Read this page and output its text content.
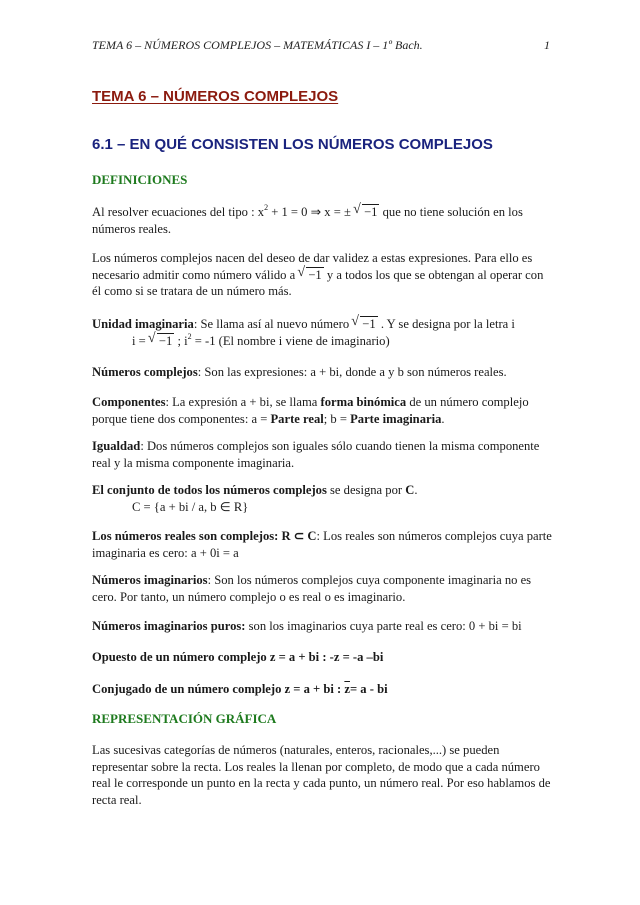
TEMA 6 – NÚMEROS COMPLEJOS – MATEMÁTICAS I – 1º Bach.	1
TEMA 6 – NÚMEROS COMPLEJOS
6.1 – EN QUÉ CONSISTEN LOS NÚMEROS COMPLEJOS
DEFINICIONES
Al resolver ecuaciones del tipo : $x^2 + 1 = 0$ ⇒ x = ± √ −1 que no tiene solución en los números reales.
Los números complejos nacen del deseo de dar validez a estas expresiones. Para ello es necesario admitir como número válido a √ −1 y a todos los que se obtengan al operar con él como si se tratara de un número más.
Unidad imaginaria: Se llama así al nuevo número √ −1 . Y se designa por la letra i
i = √ −1 ; $i^2 = -1$ (El nombre i viene de imaginario)
Números complejos: Son las expresiones: a + bi, donde a y b son números reales.
Componentes: La expresión a + bi, se llama forma binómica de un número complejo porque tiene dos componentes: a = Parte real; b = Parte imaginaria.
Igualdad: Dos números complejos son iguales sólo cuando tienen la misma componente real y la misma componente imaginaria.
El conjunto de todos los números complejos se designa por C.
C = {a + bi / a, b ∈ R}
Los números reales son complejos: R ⊂ C: Los reales son números complejos cuya parte imaginaria es cero: a + 0i = a
Números imaginarios: Son los números complejos cuya componente imaginaria no es cero. Por tanto, un número complejo o es real o es imaginario.
Números imaginarios puros: son los imaginarios cuya parte real es cero: 0 + bi = bi
Opuesto de un número complejo z = a + bi : -z = -a –bi
Conjugado de un número complejo z = a + bi : $\overline{z}= a$ - bi
REPRESENTACIÓN GRÁFICA
Las sucesivas categorías de números (naturales, enteros, racionales,...) se pueden representar sobre la recta. Los reales la llenan por completo, de modo que a cada número real le corresponde un punto en la recta y cada punto, un número real. Por eso hablamos de recta real.
